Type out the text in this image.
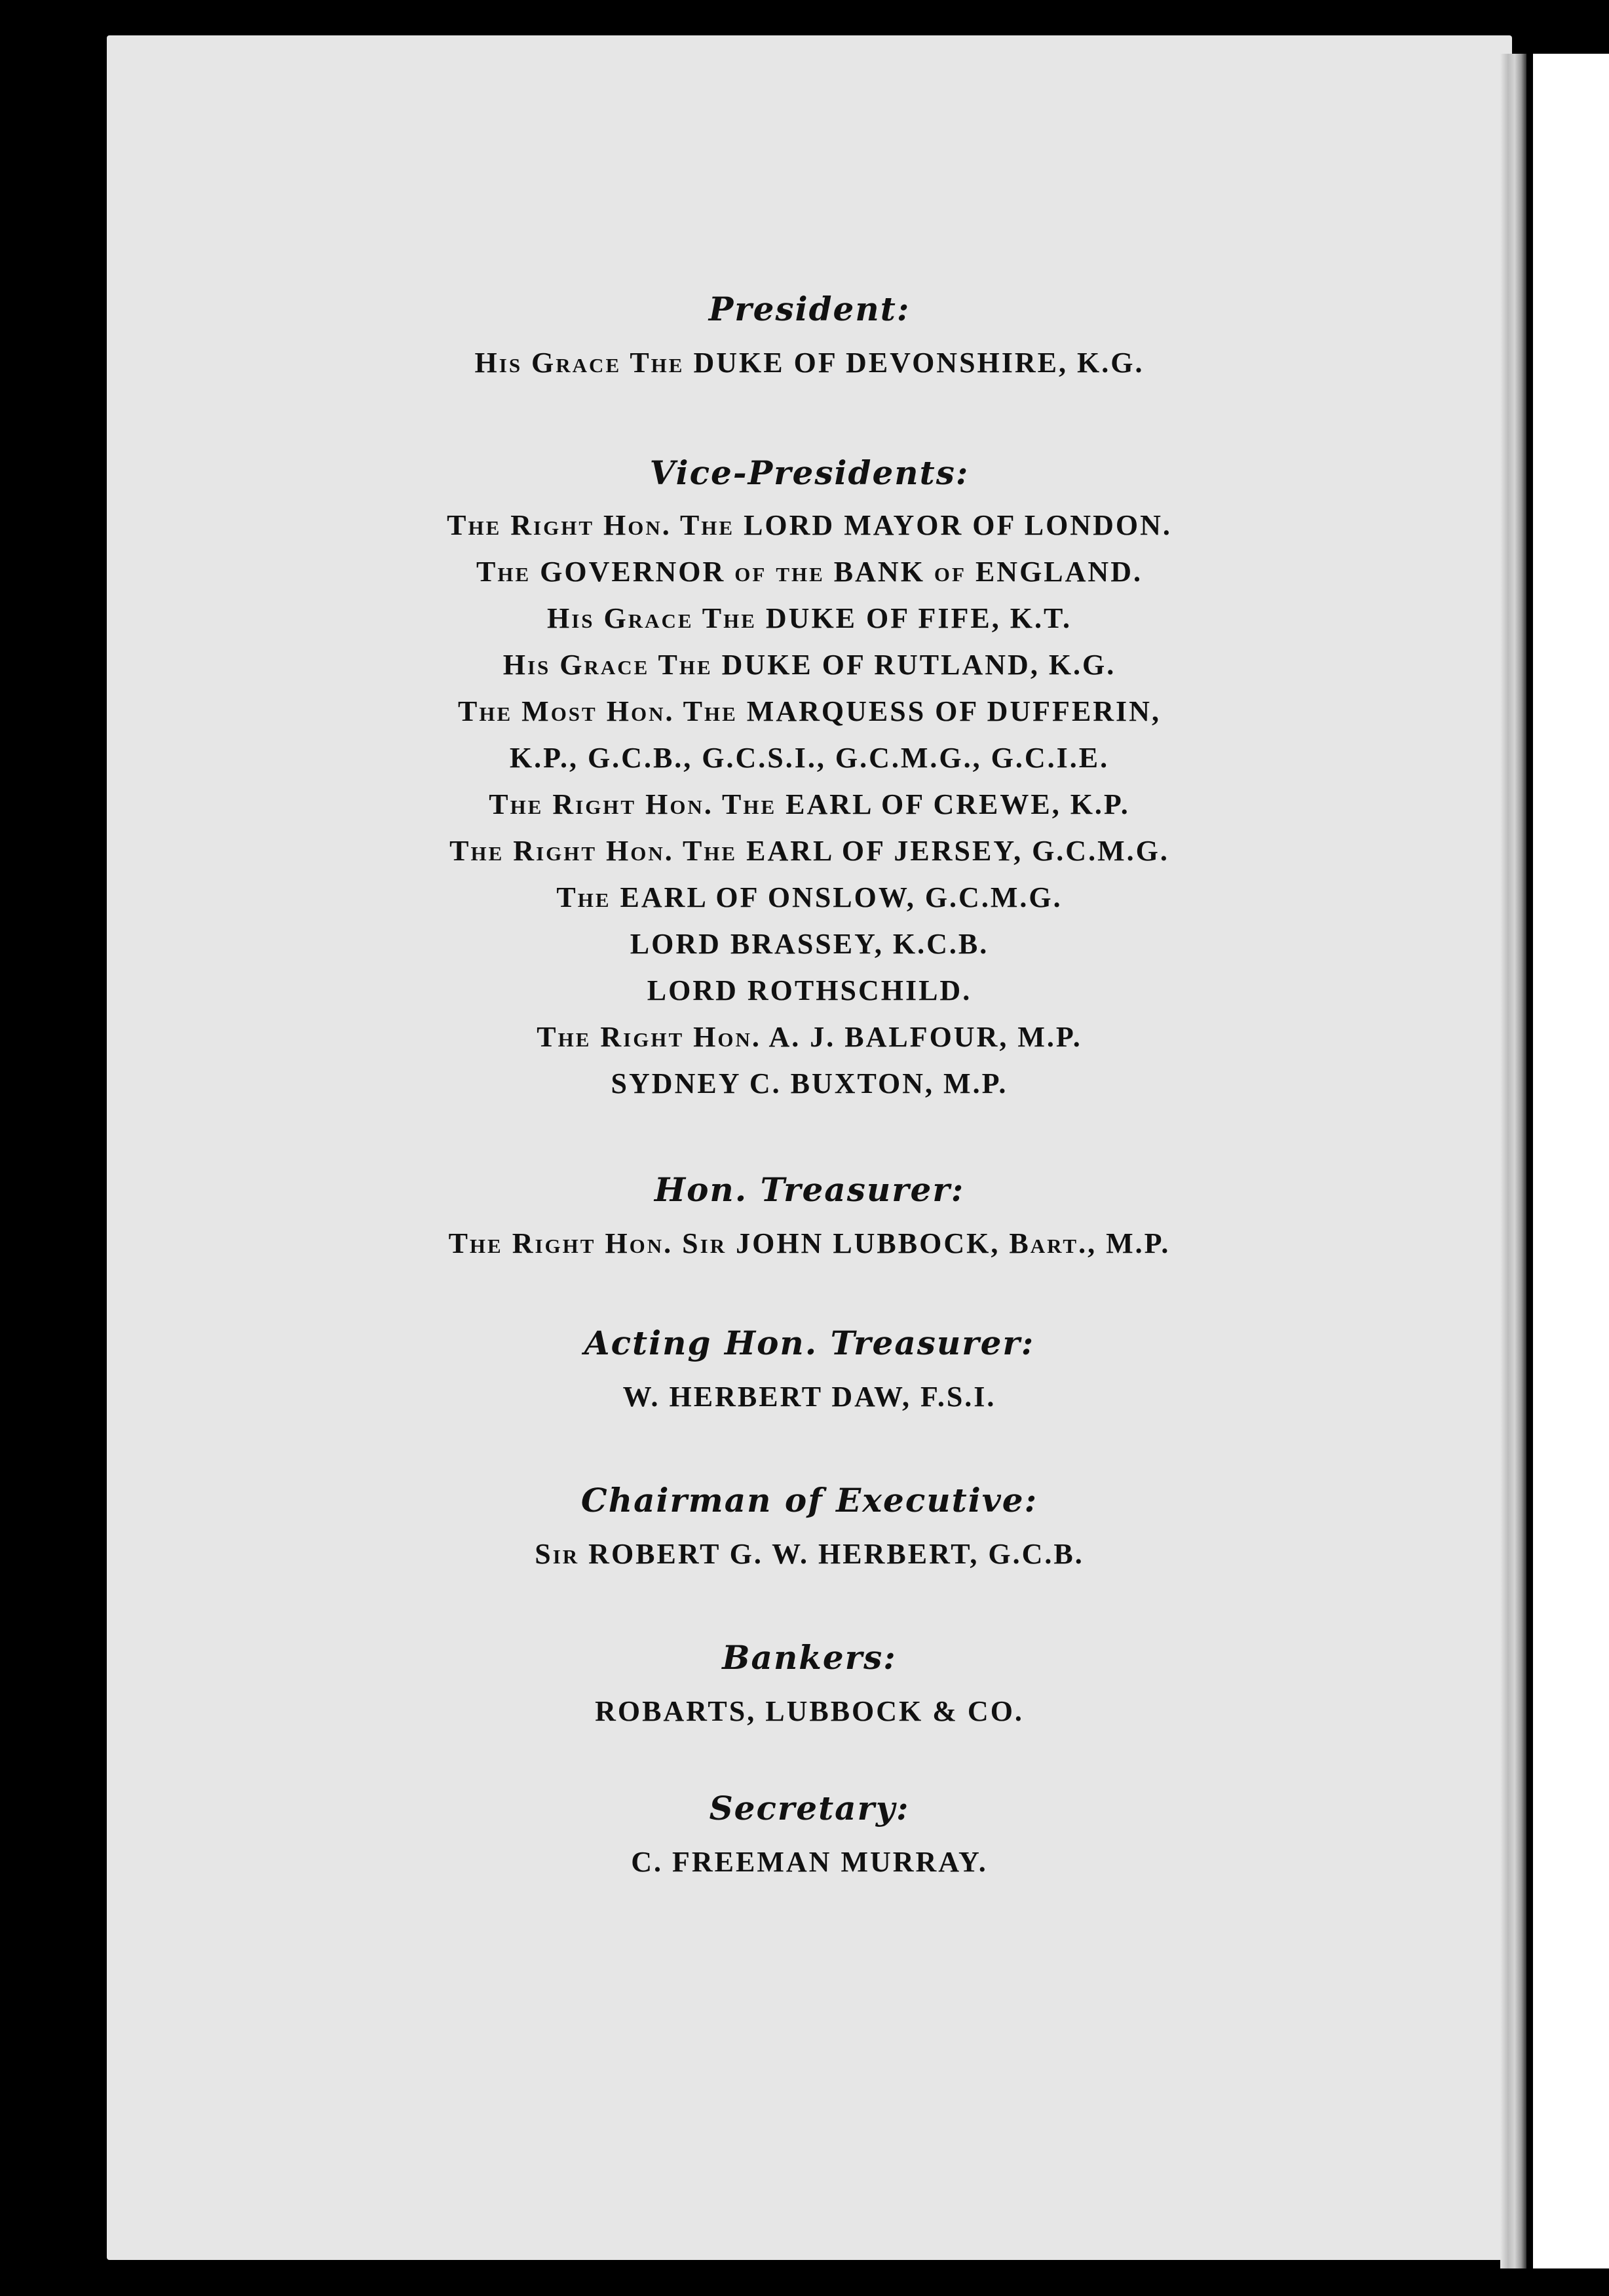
President:
His Grace The DUKE OF DEVONSHIRE, K.G.
Vice-Presidents:
The Right Hon. The LORD MAYOR OF LONDON.
The GOVERNOR of the BANK of ENGLAND.
His Grace The DUKE OF FIFE, K.T.
His Grace The DUKE OF RUTLAND, K.G.
The Most Hon. The MARQUESS OF DUFFERIN,
K.P., G.C.B., G.C.S.I., G.C.M.G., G.C.I.E.
The Right Hon. The EARL OF CREWE, K.P.
The Right Hon. The EARL OF JERSEY, G.C.M.G.
The EARL OF ONSLOW, G.C.M.G.
LORD BRASSEY, K.C.B.
LORD ROTHSCHILD.
The Right Hon. A. J. BALFOUR, M.P.
SYDNEY C. BUXTON, M.P.
Hon. Treasurer:
The Right Hon. Sir JOHN LUBBOCK, Bart., M.P.
Acting Hon. Treasurer:
W. HERBERT DAW, F.S.I.
Chairman of Executive:
Sir ROBERT G. W. HERBERT, G.C.B.
Bankers:
ROBARTS, LUBBOCK & CO.
Secretary:
C. FREEMAN MURRAY.
